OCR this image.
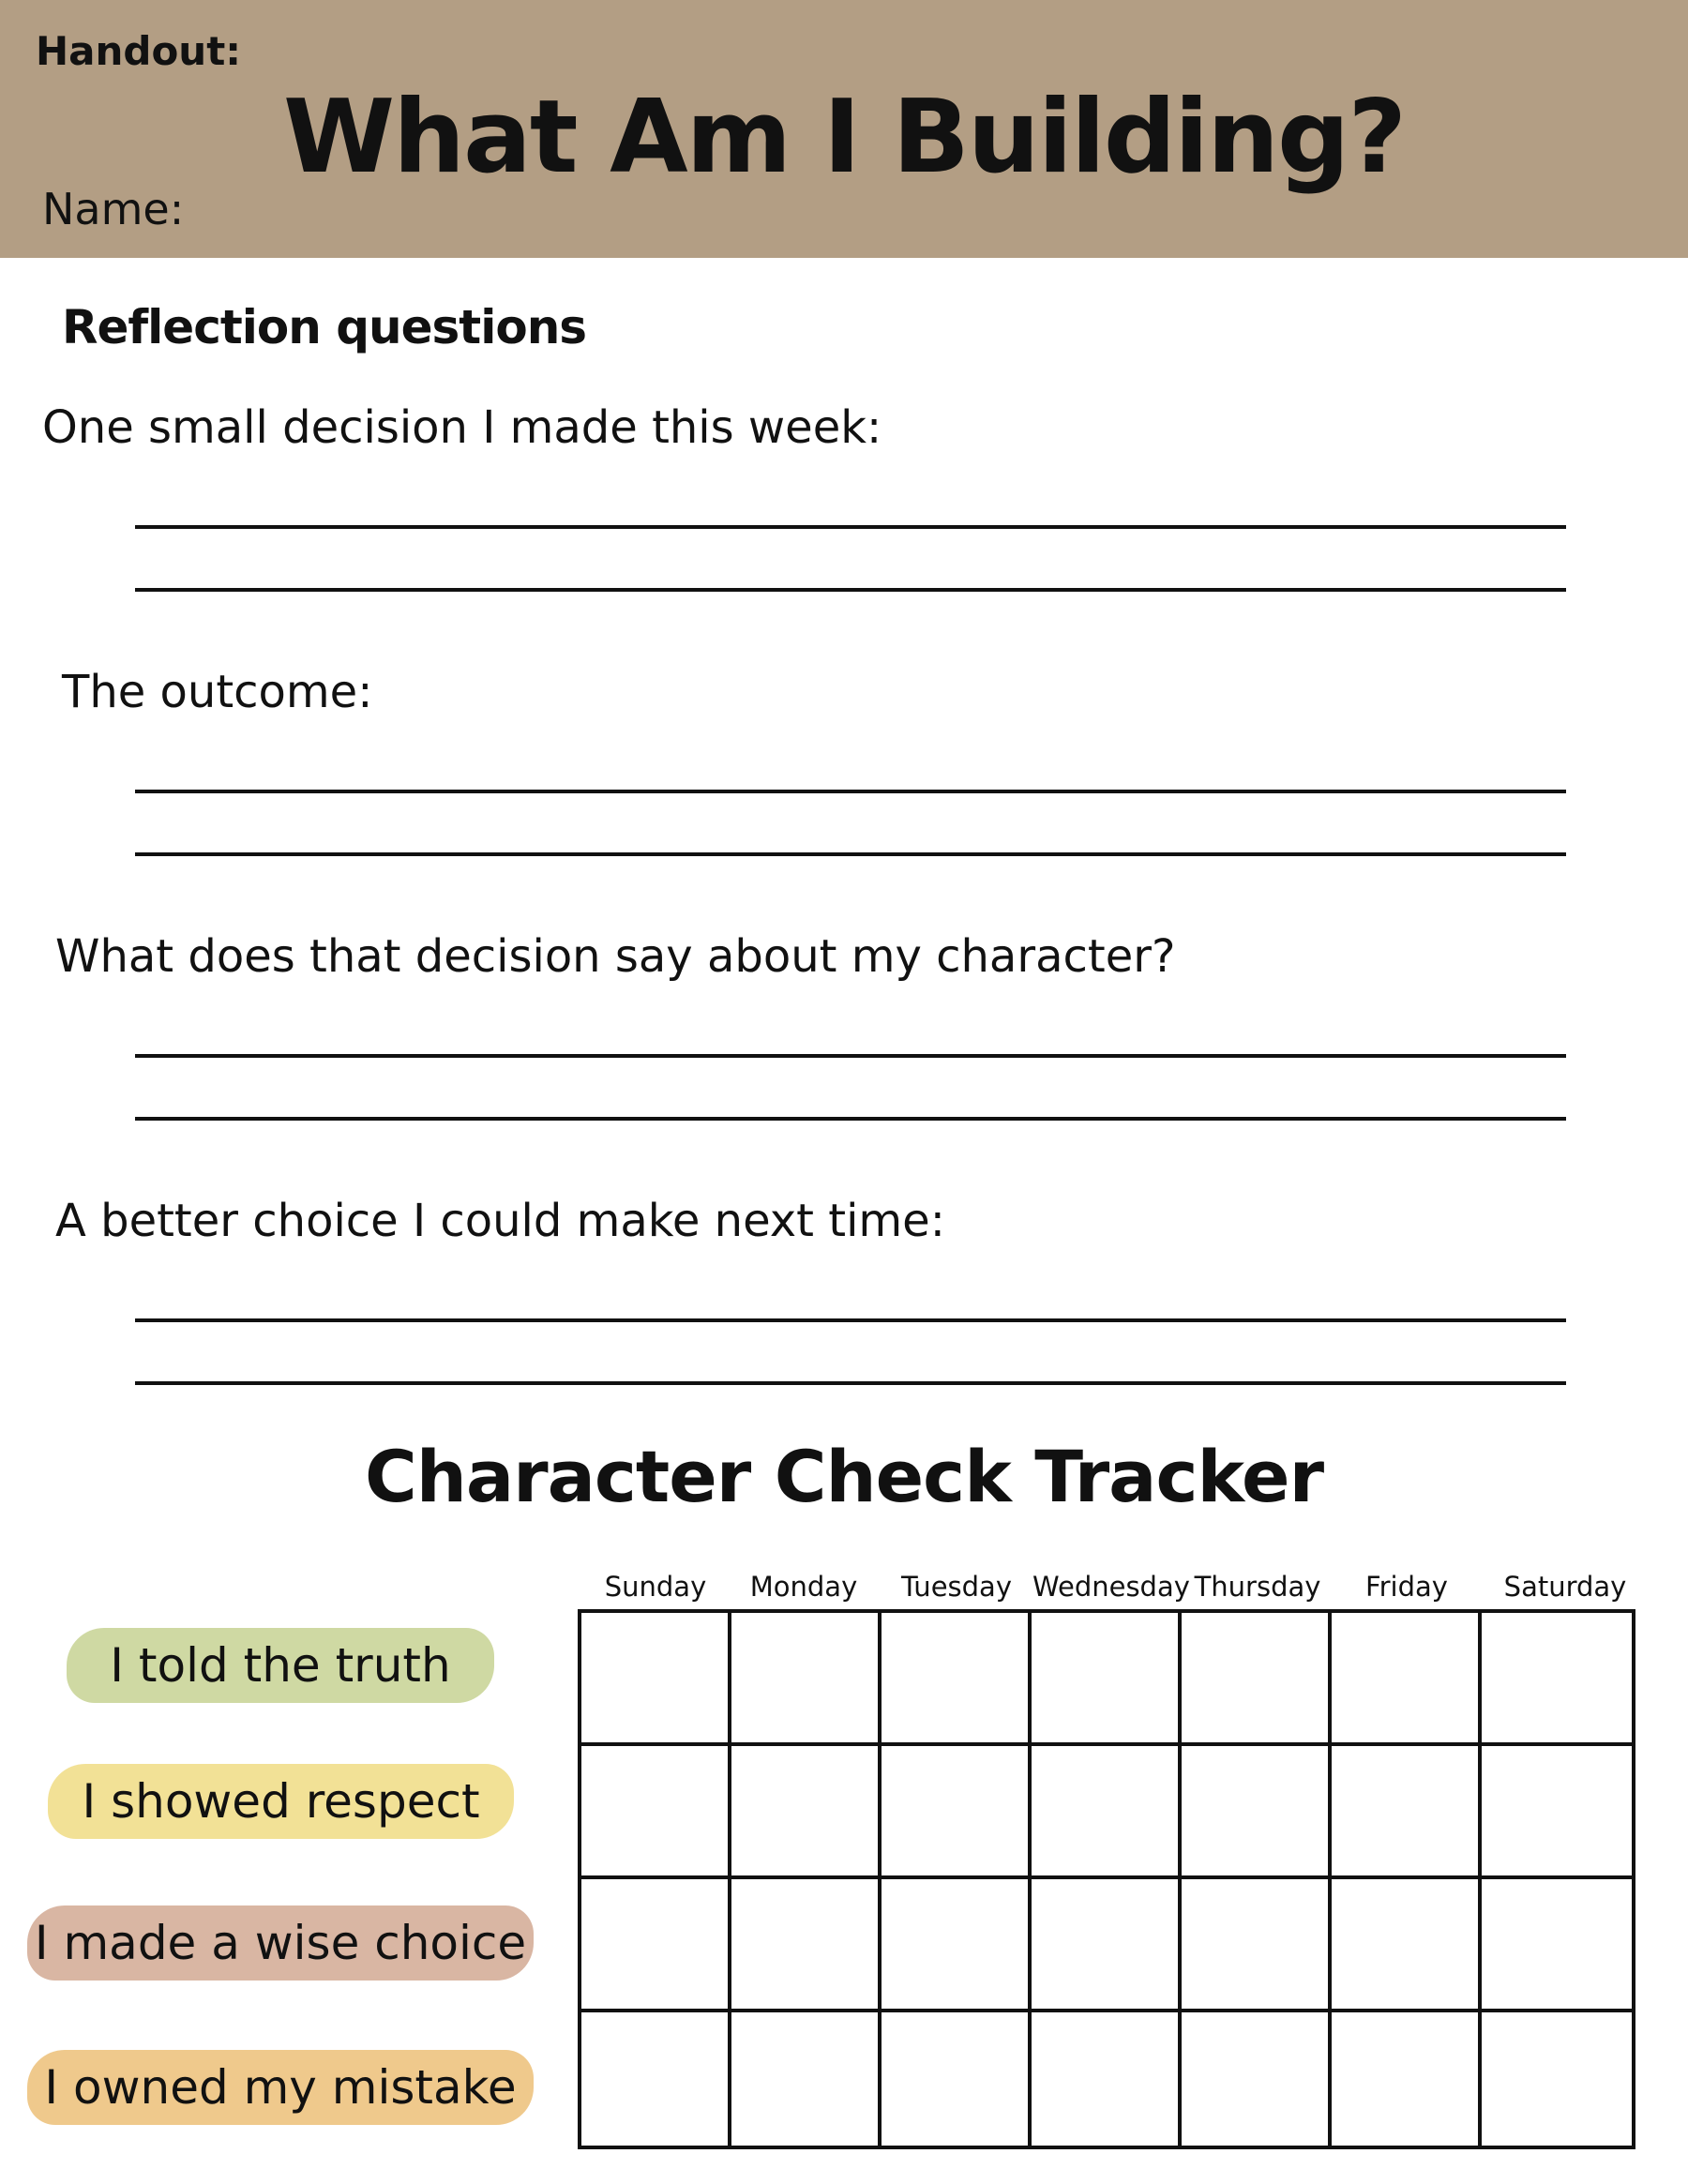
Handout:
What Am I Building?
Name:
Reflection questions
One small decision I made this week:
The outcome:
What does that decision say about my character?
A better choice I could make next time:
Character Check Tracker
Sunday	Monday	Tuesday Wednesday Thursday	Friday	Saturday
I told the truth
I showed respect
I made a wise choice
I owned my mistake
